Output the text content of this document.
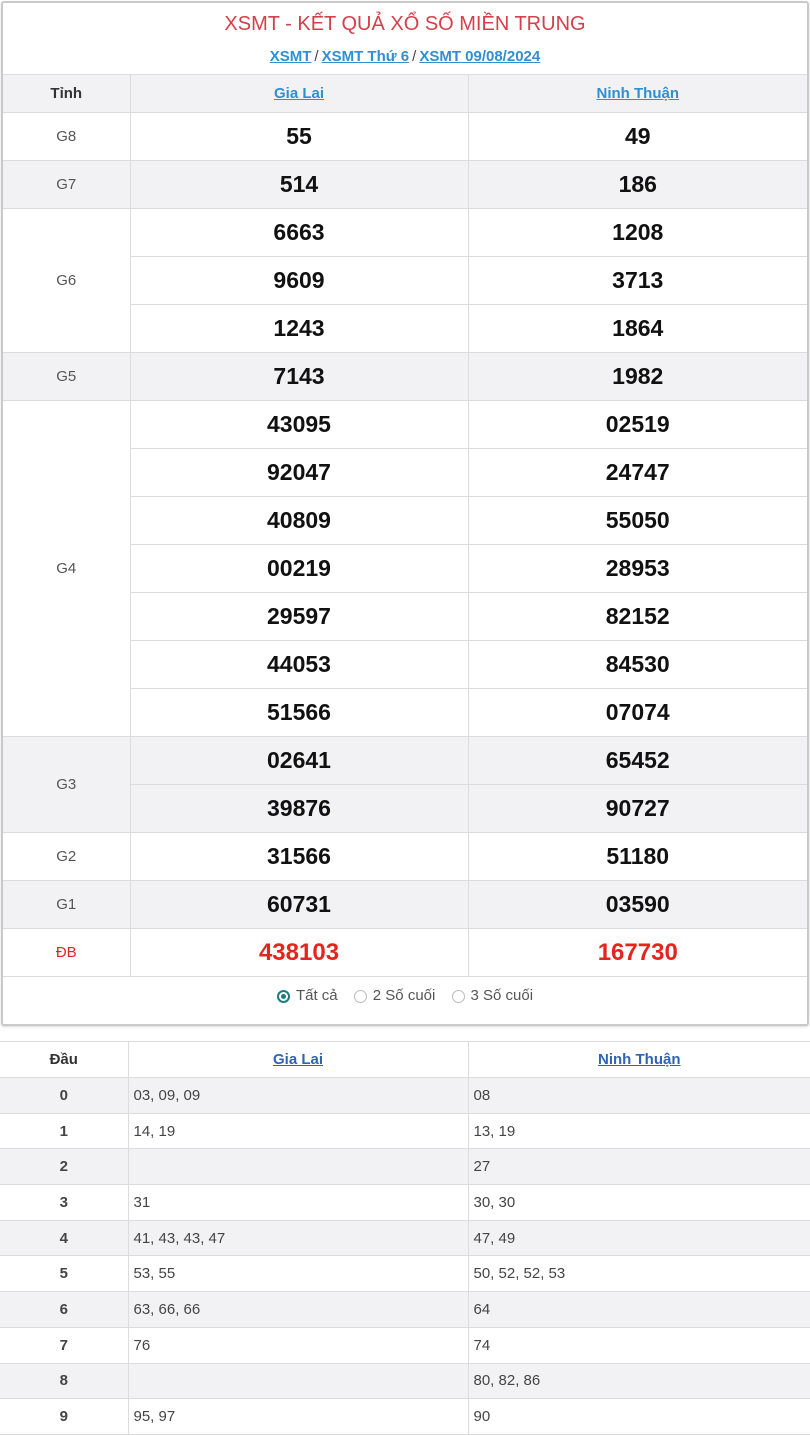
XSMT - KẾT QUẢ XỔ SỐ MIỀN TRUNG
XSMT / XSMT Thứ 6 / XSMT 09/08/2024
Tỉnh	Gia Lai	Ninh Thuận
G8	55	49
G7	514	186
G6	6663	1208
	9609	3713
	1243	1864
G5	7143	1982
G4	43095	02519
	92047	24747
	40809	55050
	00219	28953
	29597	82152
	44053	84530
	51566	07074
G3	02641	65452
	39876	90727
G2	31566	51180
G1	60731	03590
ĐB	438103	167730
Tất cả
2 Số cuối
3 Số cuối
Đầu	Gia Lai	Ninh Thuận
0	03, 09, 09	08
1	14, 19	13, 19
2		27
3	31	30, 30
4	41, 43, 43, 47	47, 49
5	53, 55	50, 52, 52, 53
6	63, 66, 66	64
7	76	74
8		80, 82, 86
9	95, 97	90
